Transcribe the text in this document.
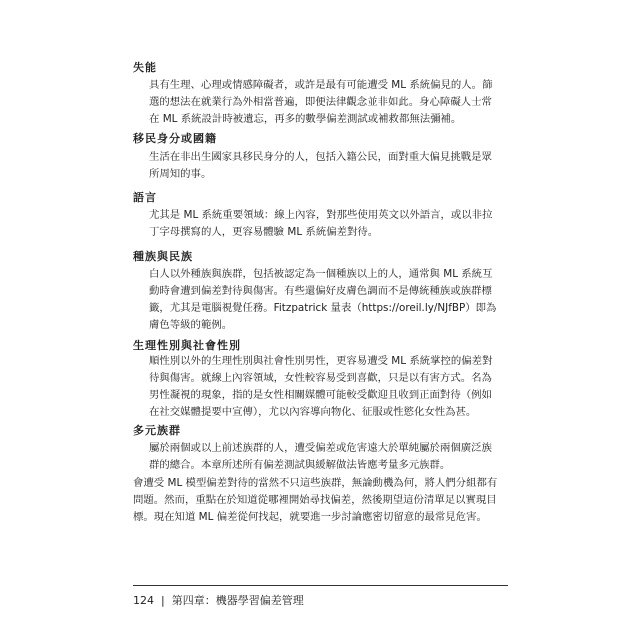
失能
具有生理、心理或情感障礙者，或許是最有可能遭受 ML 系統偏見的人。篩選的想法在就業行為外相當普遍，即便法律觀念並非如此。身心障礙人士常在 ML 系統設計時被遺忘，再多的數學偏差測試或補救都無法彌補。
移民身分或國籍
生活在非出生國家具移民身分的人，包括入籍公民，面對重大偏見挑戰是眾所周知的事。
語言
尤其是 ML 系統重要領域：線上內容，對那些使用英文以外語言，或以非拉丁字母撰寫的人，更容易體驗 ML 系統偏差對待。
種族與民族
白人以外種族與族群，包括被認定為一個種族以上的人，通常與 ML 系統互動時會遭到偏差對待與傷害。有些還偏好皮膚色調而不是傳統種族或族群標籤，尤其是電腦視覺任務。Fitzpatrick 量表（https://oreil.ly/NJfBP）即為膚色等級的範例。
生理性別與社會性別
順性別以外的生理性別與社會性別男性，更容易遭受 ML 系統掌控的偏差對待與傷害。就線上內容領域，女性較容易受到喜歡，只是以有害方式。名為男性凝視的現象，指的是女性相關媒體可能較受歡迎且收到正面對待（例如在社交媒體提要中宣傳），尤以內容導向物化、征服或性慾化女性為甚。
多元族群
屬於兩個或以上前述族群的人，遭受偏差或危害遠大於單純屬於兩個廣泛族群的總合。本章所述所有偏差測試與緩解做法皆應考量多元族群。
會遭受 ML 模型偏差對待的當然不只這些族群，無論動機為何，將人們分組都有問題。然而，重點在於知道從哪裡開始尋找偏差，然後期望這份清單足以實現目標。現在知道 ML 偏差從何找起，就要進一步討論應密切留意的最常見危害。
124 | 第四章：機器學習偏差管理
